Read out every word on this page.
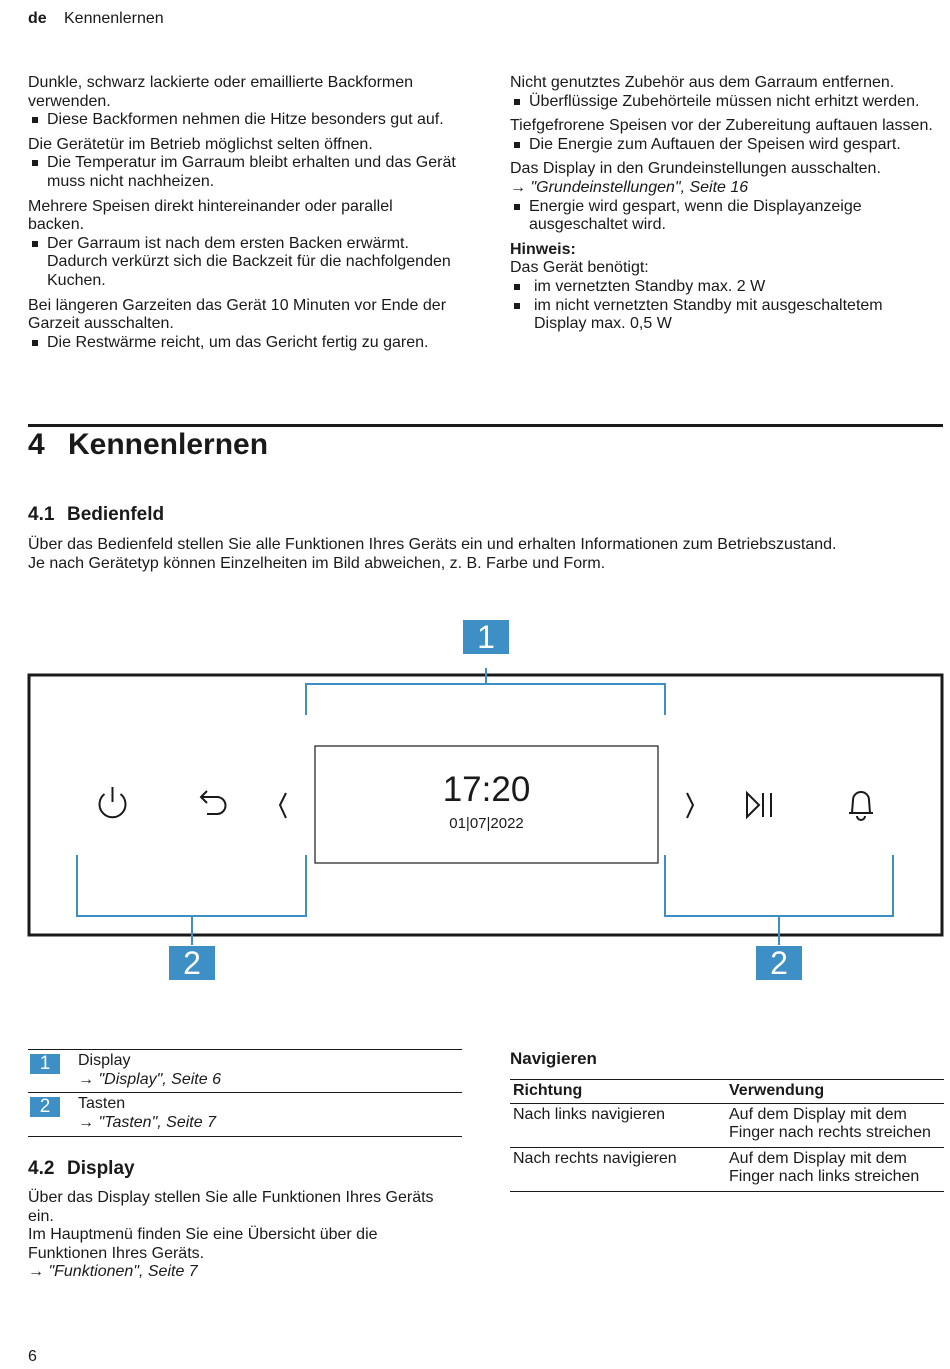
de Kennenlernen
Dunkle, schwarz lackierte oder emaillierte Backformen verwenden.
Diese Backformen nehmen die Hitze besonders gut auf.
Die Gerätetür im Betrieb möglichst selten öffnen.
Die Temperatur im Garraum bleibt erhalten und das Gerät muss nicht nachheizen.
Mehrere Speisen direkt hintereinander oder parallel backen.
Der Garraum ist nach dem ersten Backen erwärmt. Dadurch verkürzt sich die Backzeit für die nachfolgenden Kuchen.
Bei längeren Garzeiten das Gerät 10 Minuten vor Ende der Garzeit ausschalten.
Die Restwärme reicht, um das Gericht fertig zu garen.
Nicht genutztes Zubehör aus dem Garraum entfernen.
Überflüssige Zubehörteile müssen nicht erhitzt werden.
Tiefgefrorene Speisen vor der Zubereitung auftauen lassen.
Die Energie zum Auftauen der Speisen wird gespart.
Das Display in den Grundeinstellungen ausschalten.
→ "Grundeinstellungen", Seite 16
Energie wird gespart, wenn die Displayanzeige ausgeschaltet wird.
Hinweis:
Das Gerät benötigt:
im vernetzten Standby max. 2 W
im nicht vernetzten Standby mit ausgeschaltetem Display max. 0,5 W
4 Kennenlernen
4.1 Bedienfeld
Über das Bedienfeld stellen Sie alle Funktionen Ihres Geräts ein und erhalten Informationen zum Betriebszustand.
Je nach Gerätetyp können Einzelheiten im Bild abweichen, z. B. Farbe und Form.
17:20
01|07|2022
1
2	2
1	Display
→ "Display", Seite 6
2	Tasten
→ "Tasten", Seite 7
4.2 Display
Über das Display stellen Sie alle Funktionen Ihres Geräts ein.
Im Hauptmenü finden Sie eine Übersicht über die Funktionen Ihres Geräts.
→ "Funktionen", Seite 7
Navigieren
Richtung	Verwendung
Nach links navigieren	Auf dem Display mit dem Finger nach rechts streichen
Nach rechts navigieren	Auf dem Display mit dem Finger nach links streichen
6
